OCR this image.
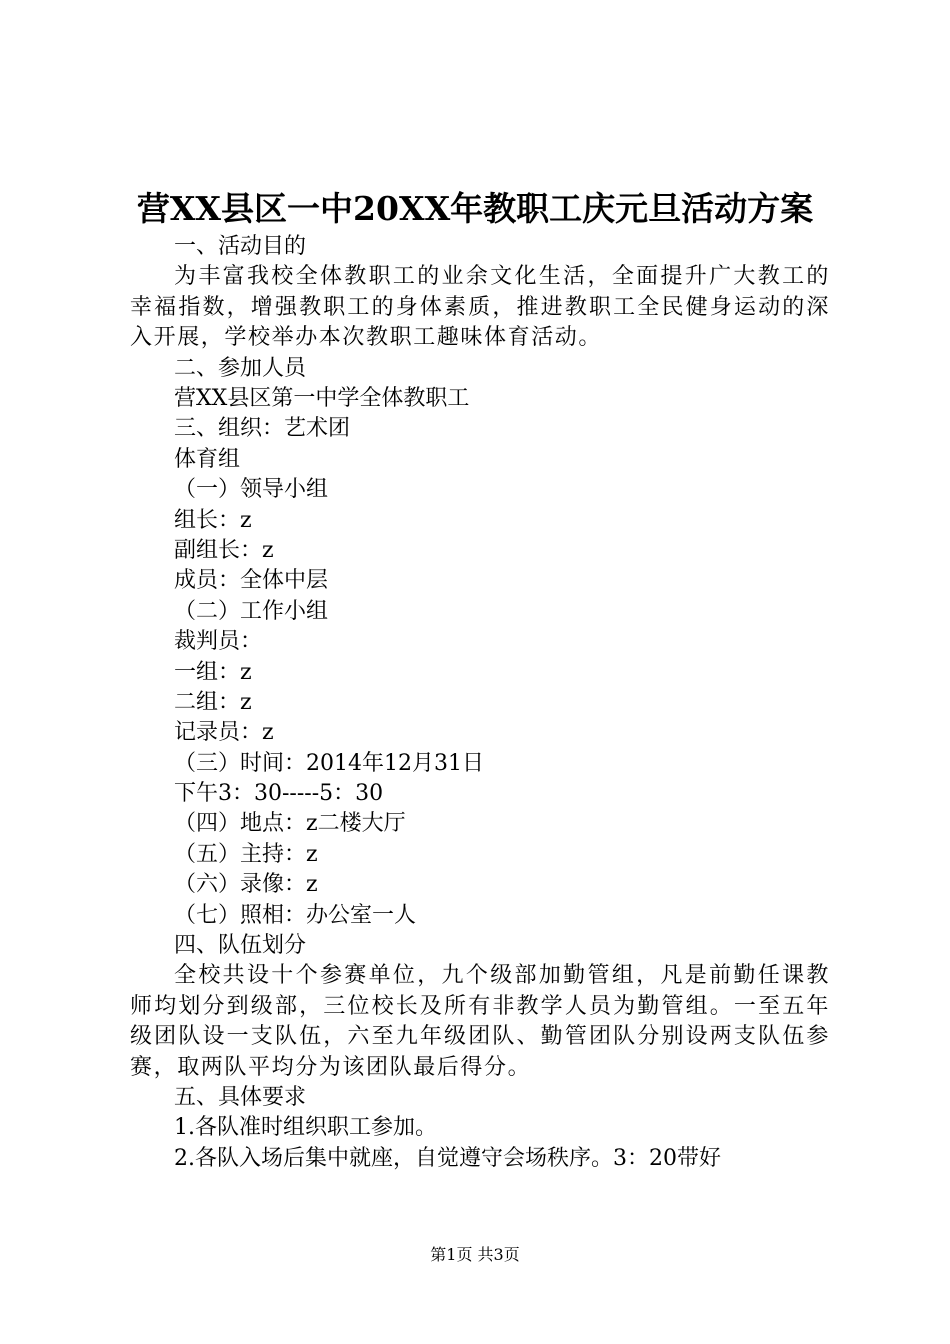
营XX县区一中20XX年教职工庆元旦活动方案
一、活动目的
为丰富我校全体教职工的业余文化生活，全面提升广大教工的幸福指数，增强教职工的身体素质，推进教职工全民健身运动的深入开展，学校举办本次教职工趣味体育活动。
二、参加人员
营XX县区第一中学全体教职工
三、组织：艺术团
体育组
（一）领导小组
组长：z
副组长：z
成员：全体中层
（二）工作小组
裁判员：
一组：z
二组：z
记录员：z
（三）时间：2014年12月31日
下午3：30-----5：30
（四）地点：z二楼大厅
（五）主持：z
（六）录像：z
（七）照相：办公室一人
四、队伍划分
全校共设十个参赛单位，九个级部加勤管组，凡是前勤任课教师均划分到级部，三位校长及所有非教学人员为勤管组。一至五年级团队设一支队伍，六至九年级团队、勤管团队分别设两支队伍参赛，取两队平均分为该团队最后得分。
五、具体要求
1.各队准时组织职工参加。
2.各队入场后集中就座，自觉遵守会场秩序。3：20带好
第1页 共3页
